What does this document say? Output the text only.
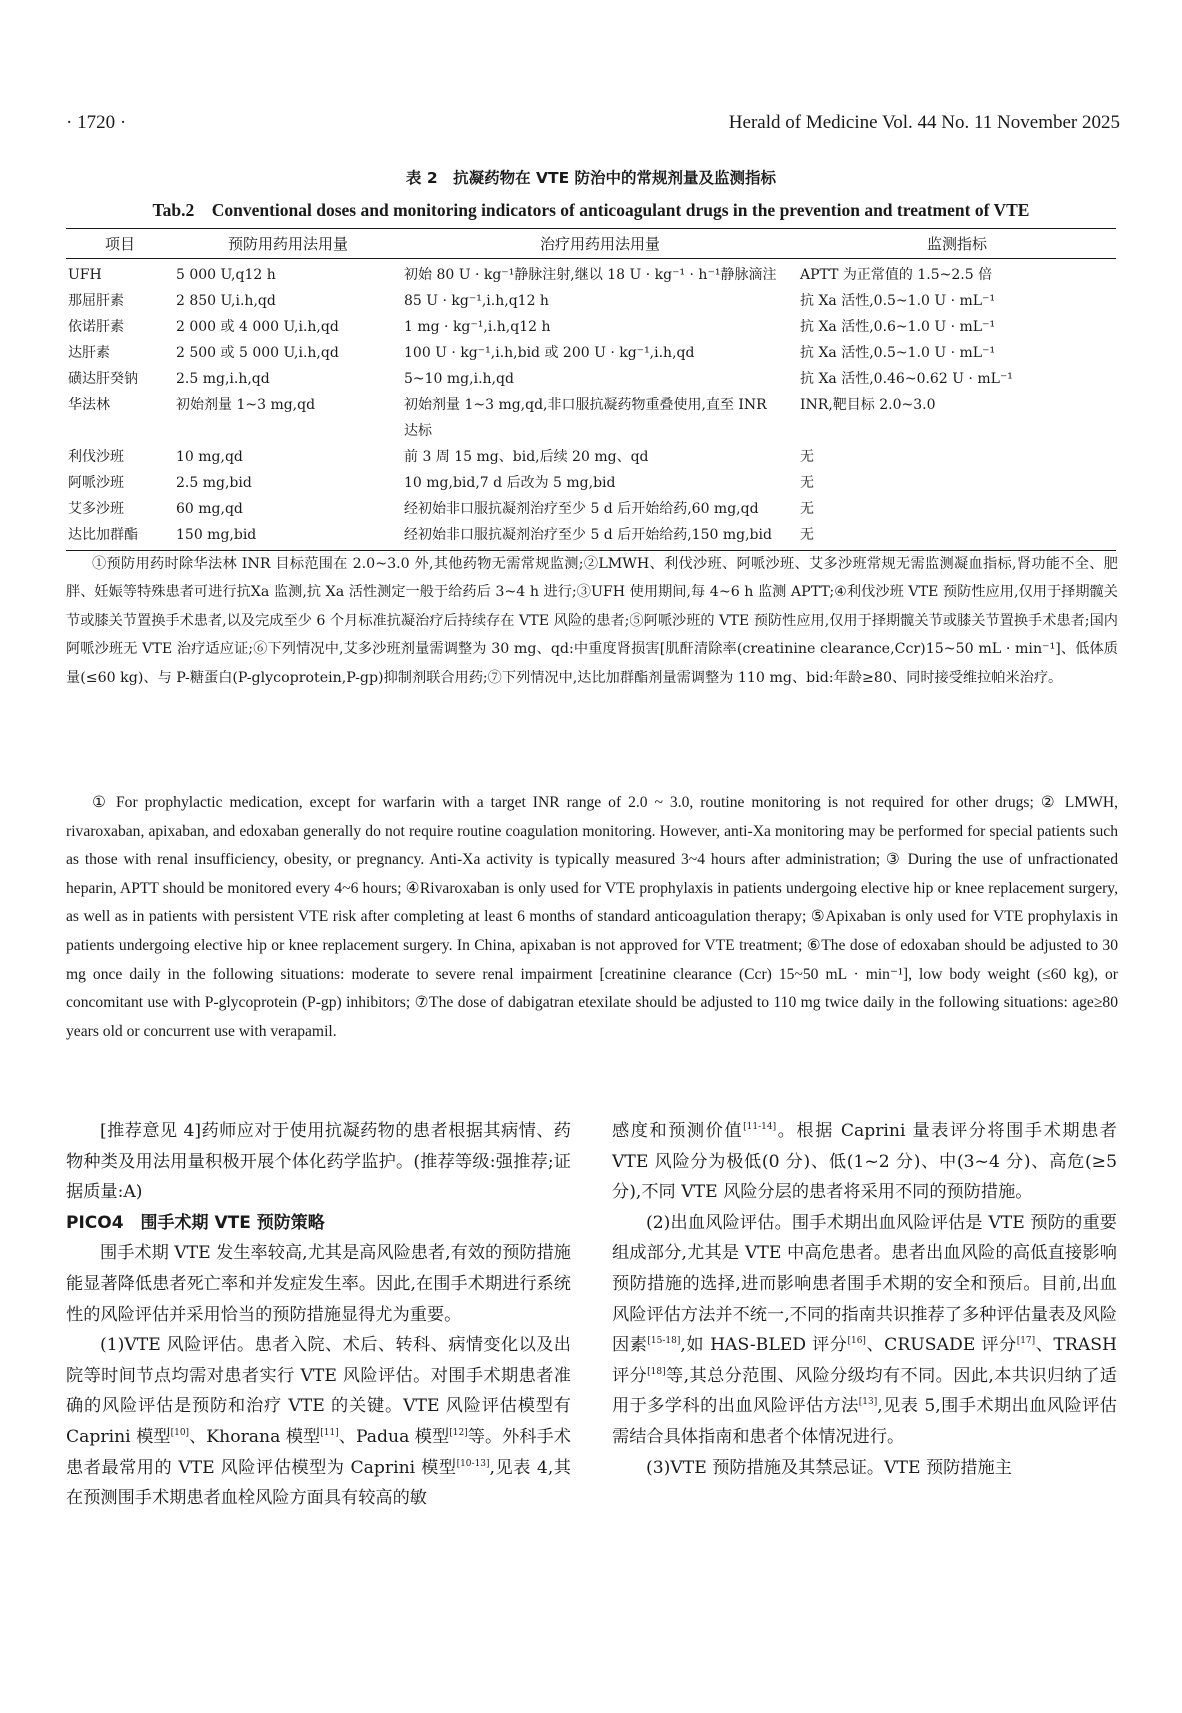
· 1720 ·	Herald of Medicine Vol. 44 No. 11 November 2025
表 2　抗凝药物在 VTE 防治中的常规剂量及监测指标
Tab.2　Conventional doses and monitoring indicators of anticoagulant drugs in the prevention and treatment of VTE
项目	预防用药用法用量	治疗用药用法用量	监测指标
UFH	5 000 U,q12 h	初始 80 U · kg⁻¹静脉注射,继以 18 U · kg⁻¹ · h⁻¹静脉滴注	APTT 为正常值的 1.5~2.5 倍
那屈肝素	2 850 U,i.h,qd	85 U · kg⁻¹,i.h,q12 h	抗 Xa 活性,0.5~1.0 U · mL⁻¹
依诺肝素	2 000 或 4 000 U,i.h,qd	1 mg · kg⁻¹,i.h,q12 h	抗 Xa 活性,0.6~1.0 U · mL⁻¹
达肝素	2 500 或 5 000 U,i.h,qd	100 U · kg⁻¹,i.h,bid 或 200 U · kg⁻¹,i.h,qd	抗 Xa 活性,0.5~1.0 U · mL⁻¹
磺达肝癸钠	2.5 mg,i.h,qd	5~10 mg,i.h,qd	抗 Xa 活性,0.46~0.62 U · mL⁻¹
华法林	初始剂量 1~3 mg,qd	初始剂量 1~3 mg,qd,非口服抗凝药物重叠使用,直至 INR 达标	INR,靶目标 2.0~3.0
利伐沙班	10 mg,qd	前 3 周 15 mg、bid,后续 20 mg、qd	无
阿哌沙班	2.5 mg,bid	10 mg,bid,7 d 后改为 5 mg,bid	无
艾多沙班	60 mg,qd	经初始非口服抗凝剂治疗至少 5 d 后开始给药,60 mg,qd	无
达比加群酯	150 mg,bid	经初始非口服抗凝剂治疗至少 5 d 后开始给药,150 mg,bid	无

①预防用药时除华法林 INR 目标范围在 2.0~3.0 外,其他药物无需常规监测;②LMWH、利伐沙班、阿哌沙班、艾多沙班常规无需监测凝血指标,肾功能不全、肥胖、妊娠等特殊患者可进行抗Ⅹa 监测,抗 Xa 活性测定一般于给药后 3~4 h 进行;③UFH 使用期间,每 4~6 h 监测 APTT;④利伐沙班 VTE 预防性应用,仅用于择期髋关节或膝关节置换手术患者,以及完成至少 6 个月标准抗凝治疗后持续存在 VTE 风险的患者;⑤阿哌沙班的 VTE 预防性应用,仅用于择期髋关节或膝关节置换手术患者;国内阿哌沙班无 VTE 治疗适应证;⑥下列情况中,艾多沙班剂量需调整为 30 mg、qd:中重度肾损害[肌酐清除率(creatinine clearance,Ccr)15~50 mL · min⁻¹]、低体质量(≤60 kg)、与 P-糖蛋白(P-glycoprotein,P-gp)抑制剂联合用药;⑦下列情况中,达比加群酯剂量需调整为 110 mg、bid:年龄≥80、同时接受维拉帕米治疗。

① For prophylactic medication, except for warfarin with a target INR range of 2.0 ~ 3.0, routine monitoring is not required for other drugs; ② LMWH, rivaroxaban, apixaban, and edoxaban generally do not require routine coagulation monitoring. However, anti-Xa monitoring may be performed for special patients such as those with renal insufficiency, obesity, or pregnancy. Anti-Xa activity is typically measured 3~4 hours after administration; ③ During the use of unfractionated heparin, APTT should be monitored every 4~6 hours; ④Rivaroxaban is only used for VTE prophylaxis in patients undergoing elective hip or knee replacement surgery, as well as in patients with persistent VTE risk after completing at least 6 months of standard anticoagulation therapy; ⑤Apixaban is only used for VTE prophylaxis in patients undergoing elective hip or knee replacement surgery. In China, apixaban is not approved for VTE treatment; ⑥The dose of edoxaban should be adjusted to 30 mg once daily in the following situations: moderate to severe renal impairment [creatinine clearance (Ccr) 15~50 mL · min⁻¹], low body weight (≤60 kg), or concomitant use with P-glycoprotein (P-gp) inhibitors; ⑦The dose of dabigatran etexilate should be adjusted to 110 mg twice daily in the following situations: age≥80 years old or concurrent use with verapamil.

[推荐意见 4]药师应对于使用抗凝药物的患者根据其病情、药物种类及用法用量积极开展个体化药学监护。(推荐等级:强推荐;证据质量:A)

PICO4　围手术期 VTE 预防策略

围手术期 VTE 发生率较高,尤其是高风险患者,有效的预防措施能显著降低患者死亡率和并发症发生率。因此,在围手术期进行系统性的风险评估并采用恰当的预防措施显得尤为重要。

(1)VTE 风险评估。患者入院、术后、转科、病情变化以及出院等时间节点均需对患者实行 VTE 风险评估。对围手术期患者准确的风险评估是预防和治疗 VTE 的关键。VTE 风险评估模型有 Caprini 模型[10]、Khorana 模型[11]、Padua 模型[12]等。外科手术患者最常用的 VTE 风险评估模型为 Caprini 模型[10-13],见表 4,其在预测围手术期患者血栓风险方面具有较高的敏

感度和预测价值[11-14]。根据 Caprini 量表评分将围手术期患者 VTE 风险分为极低(0 分)、低(1~2 分)、中(3~4 分)、高危(≥5 分),不同 VTE 风险分层的患者将采用不同的预防措施。

(2)出血风险评估。围手术期出血风险评估是 VTE 预防的重要组成部分,尤其是 VTE 中高危患者。患者出血风险的高低直接影响预防措施的选择,进而影响患者围手术期的安全和预后。目前,出血风险评估方法并不统一,不同的指南共识推荐了多种评估量表及风险因素[15-18],如 HAS-BLED 评分[16]、CRUSADE 评分[17]、TRASH 评分[18]等,其总分范围、风险分级均有不同。因此,本共识归纳了适用于多学科的出血风险评估方法[13],见表 5,围手术期出血风险评估需结合具体指南和患者个体情况进行。

(3)VTE 预防措施及其禁忌证。VTE 预防措施主
